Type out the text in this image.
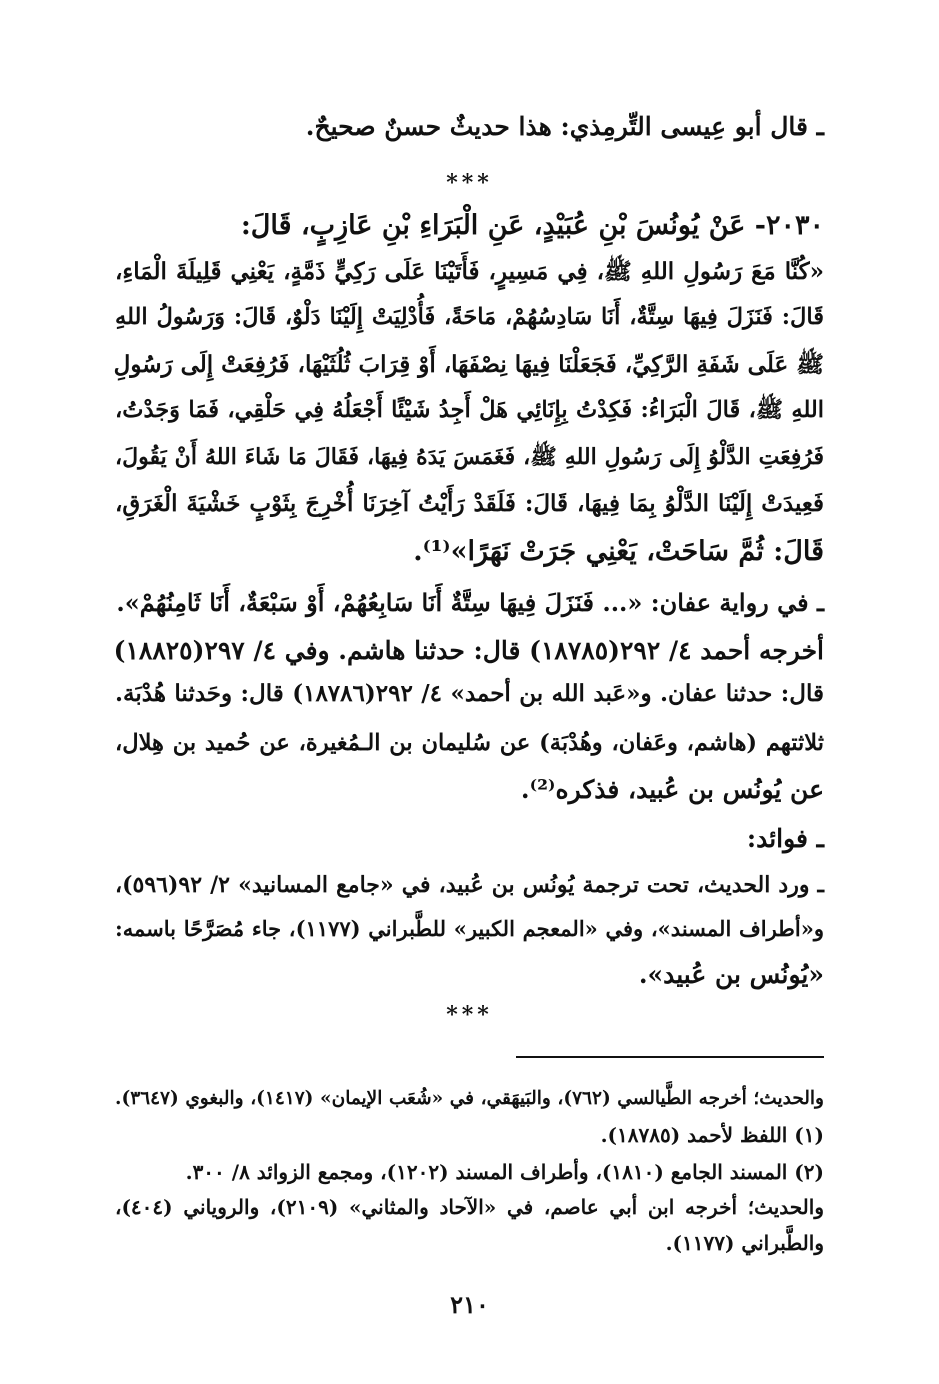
ـ قال أبو عِيسى التِّرمِذي: هذا حديثٌ حسنٌ صحيحٌ.
***
٢٠٣٠- عَنْ يُونُسَ بْنِ عُبَيْدٍ، عَنِ الْبَرَاءِ بْنِ عَازِبٍ، قَالَ:
«كُنَّا مَعَ رَسُولِ اللهِ ﷺ، فِي مَسِيرٍ، فَأَتَيْنَا عَلَى رَكِيٍّ ذَمَّةٍ، يَعْنِي قَلِيلَةَ الْمَاءِ،
قَالَ: فَنَزَلَ فِيهَا سِتَّةٌ، أَنَا سَادِسُهُمْ، مَاحَةً، فَأُدْلِيَتْ إِلَيْنَا دَلْوٌ، قَالَ: وَرَسُولُ اللهِ
ﷺ عَلَى شَفَةِ الرَّكِيِّ، فَجَعَلْنَا فِيهَا نِصْفَهَا، أَوْ قِرَابَ ثُلُثَيْهَا، فَرُفِعَتْ إِلَى رَسُولِ
اللهِ ﷺ، قَالَ الْبَرَاءُ: فَكِدْتُ بِإِنَائِي هَلْ أَجِدُ شَيْئًا أَجْعَلُهُ فِي حَلْقِي، فَمَا وَجَدْتُ،
فَرُفِعَتِ الدَّلْوُ إِلَى رَسُولِ اللهِ ﷺ، فَغَمَسَ يَدَهُ فِيهَا، فَقَالَ مَا شَاءَ اللهُ أَنْ يَقُولَ،
فَعِيدَتْ إِلَيْنَا الدَّلْوُ بِمَا فِيهَا، قَالَ: فَلَقَدْ رَأَيْتُ آخِرَنَا أُخْرِجَ بِثَوْبٍ خَشْيَةَ الْغَرَقِ،
قَالَ: ثُمَّ سَاحَتْ، يَعْنِي جَرَتْ نَهَرًا»⁽¹⁾.
ـ في رواية عفان: «... فَنَزَلَ فِيهَا سِتَّةٌ أَنَا سَابِعُهُمْ، أَوْ سَبْعَةٌ، أَنَا ثَامِنُهُمْ».
أخرجه أحمد ٤/ ٢٩٢(١٨٧٨٥) قال: حدثنا هاشم. وفي ٤/ ٢٩٧(١٨٨٢٥)
قال: حدثنا عفان. و«عَبد الله بن أحمد» ٤/ ٢٩٢(١٨٧٨٦) قال: وحَدثنا هُدْبَة.
ثلاثتهم (هاشم، وعَفان، وهُدْبَة) عن سُليمان بن الـمُغيرة، عن حُميد بن هِلال،
عن يُونُس بن عُبيد، فذكره⁽²⁾.
ـ فوائد:
ـ ورد الحديث، تحت ترجمة يُونُس بن عُبيد، في «جامع المسانيد» ٢/ ٩٢(٥٩٦)،
و«أطراف المسند»، وفي «المعجم الكبير» للطَّبراني (١١٧٧)، جاء مُصَرَّحًا باسمه:
«يُونُس بن عُبيد».
***
والحديث؛ أخرجه الطَّيالسي (٧٦٢)، والبَيهَقي، في «شُعَب الإيمان» (١٤١٧)، والبغوي (٣٦٤٧).
(١) اللفظ لأحمد (١٨٧٨٥).
(٢) المسند الجامع (١٨١٠)، وأطراف المسند (١٢٠٢)، ومجمع الزوائد ٨/ ٣٠٠.
والحديث؛ أخرجه ابن أبي عاصم، في «الآحاد والمثاني» (٢١٠٩)، والروياني (٤٠٤)،
والطَّبراني (١١٧٧).
٢١٠
